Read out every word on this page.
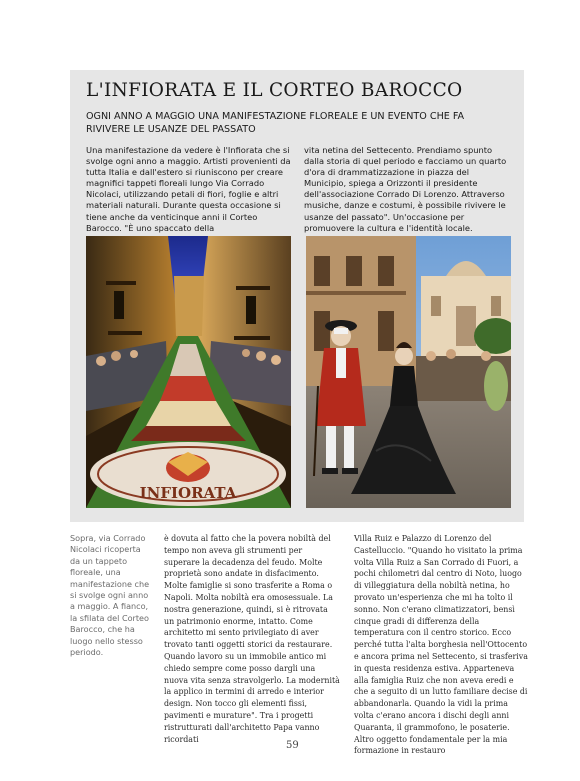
L'INFIORATA E IL CORTEO BAROCCO
OGNI ANNO A MAGGIO UNA MANIFESTAZIONE FLOREALE E UN EVENTO CHE FA RIVIVERE LE USANZE DEL PASSATO

Una manifestazione da vedere è l'Infiorata che si svolge ogni anno a maggio. Artisti provenienti da tutta Italia e dall'estero si riuniscono per creare magnifici tappeti floreali lungo Via Corrado Nicolaci, utilizzando petali di fiori, foglie e altri materiali naturali. Durante questa occasione si tiene anche da venticinque anni il Corteo Barocco. "È uno spaccato della

vita netina del Settecento. Prendiamo spunto dalla storia di quel periodo e facciamo un quarto d'ora di drammatizzazione in piazza del Municipio, spiega a Orizzonti il presidente dell'associazione Corrado Di Lorenzo. Attraverso musiche, danze e costumi, è possibile rivivere le usanze del passato". Un'occasione per promuovere la cultura e l'identità locale.

INFIORATA

Sopra, via Corrado Nicolaci ricoperta da un tappeto floreale, una manifestazione che si svolge ogni anno a maggio. A fianco, la sfilata del Corteo Barocco, che ha luogo nello stesso periodo.

è dovuta al fatto che la povera nobiltà del tempo non aveva gli strumenti per superare la decadenza del feudo. Molte proprietà sono andate in disfacimento. Molte famiglie si sono trasferite a Roma o Napoli. Molta nobiltà era omosessuale. La nostra generazione, quindi, si è ritrovata un patrimonio enorme, intatto. Come architetto mi sento privilegiato di aver trovato tanti oggetti storici da restaurare. Quando lavoro su un immobile antico mi chiedo sempre come posso dargli una nuova vita senza stravolgerlo. La modernità la applico in termini di arredo e interior design. Non tocco gli elementi fissi, pavimenti e murature". Tra i progetti ristrutturati dall'architetto Papa vanno ricordati

Villa Ruiz e Palazzo di Lorenzo del Castelluccio. "Quando ho visitato la prima volta Villa Ruiz a San Corrado di Fuori, a pochi chilometri dal centro di Noto, luogo di villeggiatura della nobiltà netina, ho provato un'esperienza che mi ha tolto il sonno. Non c'erano climatizzatori, bensì cinque gradi di differenza della temperatura con il centro storico. Ecco perché tutta l'alta borghesia nell'Ottocento e ancora prima nel Settecento, si trasferiva in questa residenza estiva. Apparteneva alla famiglia Ruiz che non aveva eredi e che a seguito di un lutto familiare decise di abbandonarla. Quando la vidi la prima volta c'erano ancora i dischi degli anni Quaranta, il grammofono, le posaterie. Altro oggetto fondamentale per la mia formazione in restauro

59
